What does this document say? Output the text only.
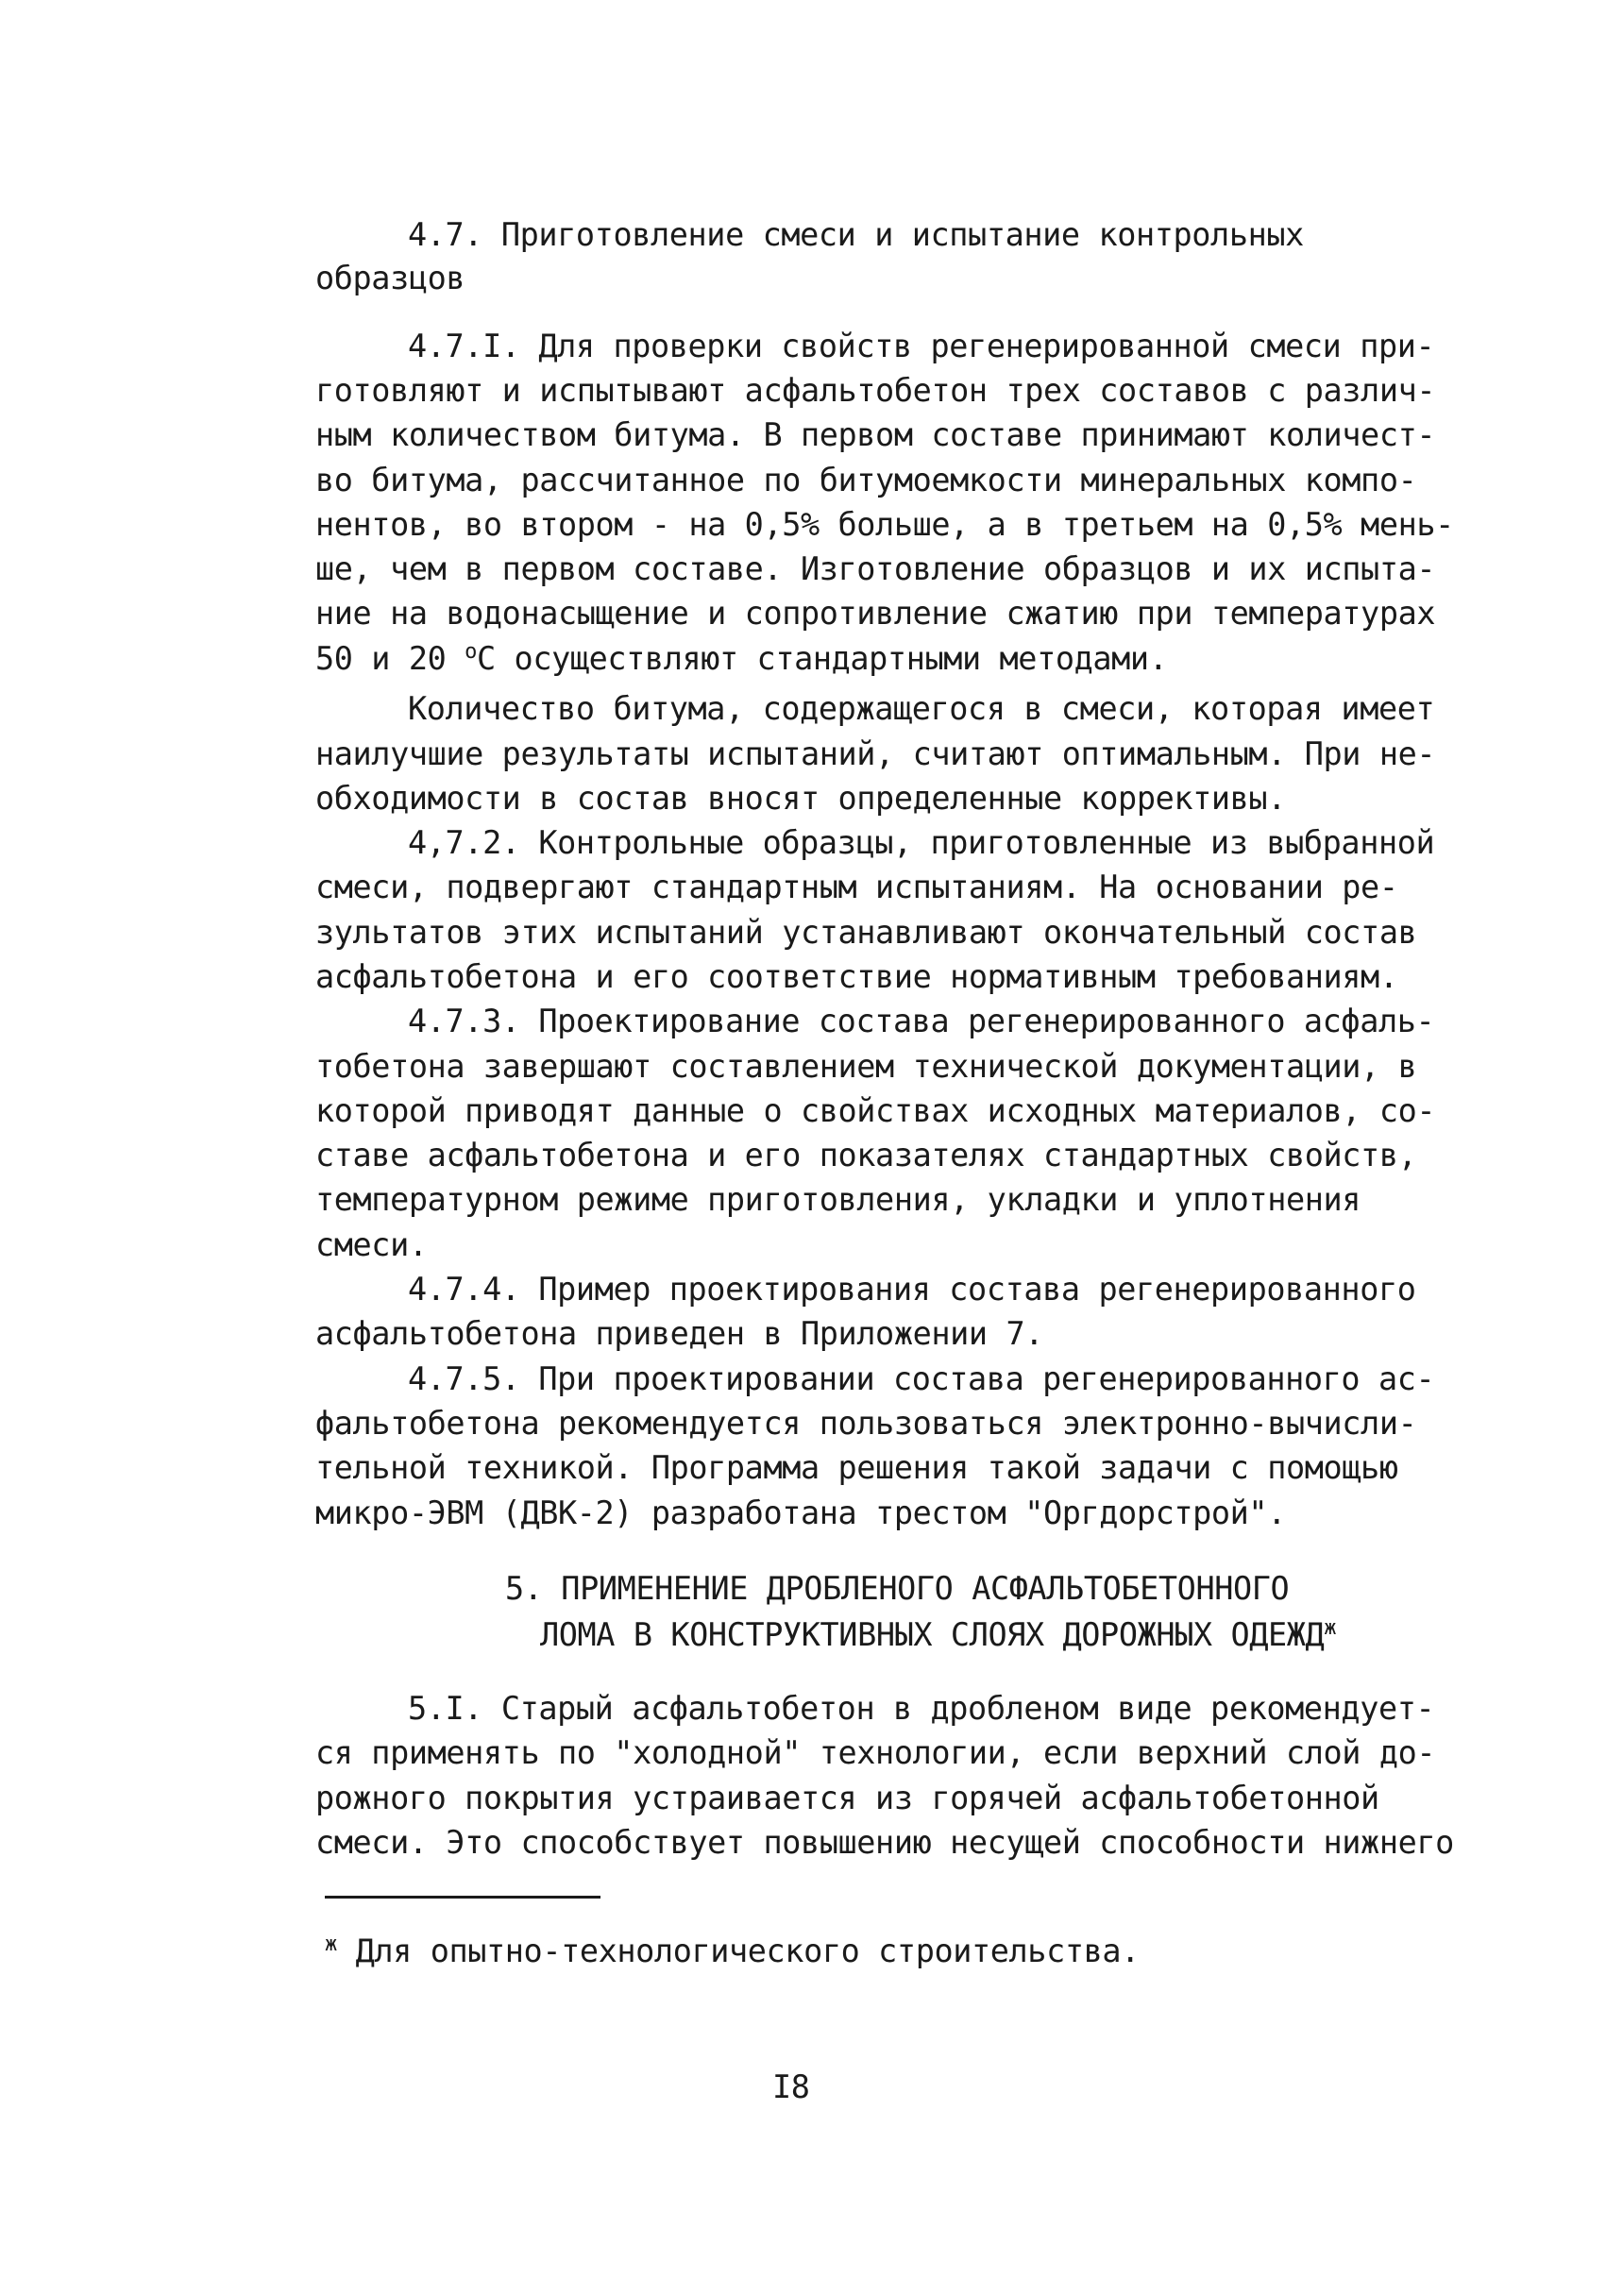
4.7. Приготовление смеси и испытание контрольных
образцов
4.7.I. Для проверки свойств регенерированной смеси при-
готовляют и испытывают асфальтобетон трех составов с различ-
ным количеством битума. В первом составе принимают количест-
во битума, рассчитанное по битумоемкости минеральных компо-
нентов, во втором - на 0,5% больше, а в третьем на 0,5% мень-
ше, чем в первом составе. Изготовление образцов и их испыта-
ние на водонасыщение и сопротивление сжатию при температурах
50 и 20 $^о$С осуществляют стандартными методами.
Количество битума, содержащегося в смеси, которая имеет
наилучшие результаты испытаний, считают оптимальным. При не-
обходимости в состав вносят определенные коррективы.
4,7.2. Контрольные образцы, приготовленные из выбранной
смеси, подвергают стандартным испытаниям. На основании ре-
зультатов этих испытаний устанавливают окончательный состав
асфальтобетона и его соответствие нормативным требованиям.
4.7.3. Проектирование состава регенерированного асфаль-
тобетона завершают составлением технической документации, в
которой приводят данные о свойствах исходных материалов, со-
ставе асфальтобетона и его показателях стандартных свойств,
температурном режиме приготовления, укладки и уплотнения
смеси.
4.7.4. Пример проектирования состава регенерированного
асфальтобетона приведен в Приложении 7.
4.7.5. При проектировании состава регенерированного ас-
фальтобетона рекомендуется пользоваться электронно-вычисли-
тельной техникой. Программа решения такой задачи с помощью
микро-ЭВМ (ДВК-2) разработана трестом "Оргдорстрой".
5. ПРИМЕНЕНИЕ ДРОБЛЕНОГО АСФАЛЬТОБЕТОННОГО
ЛОМА В КОНСТРУКТИВНЫХ СЛОЯХ ДОРОЖНЫХ $ОДЕЖД^ж$
5.I. Старый асфальтобетон в дробленом виде рекомендует-
ся применять по "холодной" технологии, если верхний слой до-
рожного покрытия устраивается из горячей асфальтобетонной
смеси. Это способствует повышению несущей способности нижнего
$^ж$ Для опытно-технологического строительства.
I8
